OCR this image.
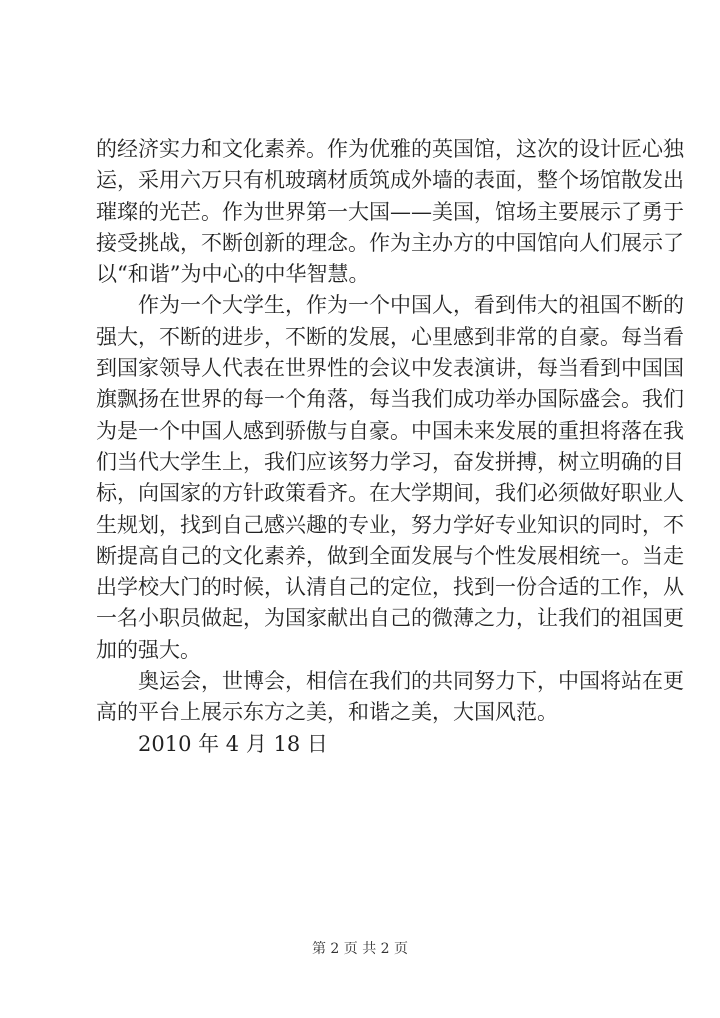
的经济实力和文化素养。作为优雅的英国馆，这次的设计匠心独
运，采用六万只有机玻璃材质筑成外墙的表面，整个场馆散发出
璀璨的光芒。作为世界第一大国——美国，馆场主要展示了勇于
接受挑战，不断创新的理念。作为主办方的中国馆向人们展示了
以“和谐”为中心的中华智慧。
作为一个大学生，作为一个中国人，看到伟大的祖国不断的
强大，不断的进步，不断的发展，心里感到非常的自豪。每当看
到国家领导人代表在世界性的会议中发表演讲，每当看到中国国
旗飘扬在世界的每一个角落，每当我们成功举办国际盛会。我们
为是一个中国人感到骄傲与自豪。中国未来发展的重担将落在我
们当代大学生上，我们应该努力学习，奋发拼搏，树立明确的目
标，向国家的方针政策看齐。在大学期间，我们必须做好职业人
生规划，找到自己感兴趣的专业，努力学好专业知识的同时，不
断提高自己的文化素养，做到全面发展与个性发展相统一。当走
出学校大门的时候，认清自己的定位，找到一份合适的工作，从
一名小职员做起，为国家献出自己的微薄之力，让我们的祖国更
加的强大。
奥运会，世博会，相信在我们的共同努力下，中国将站在更
高的平台上展示东方之美，和谐之美，大国风范。
2010 年 4 月 18 日
第 2 页 共 2 页
